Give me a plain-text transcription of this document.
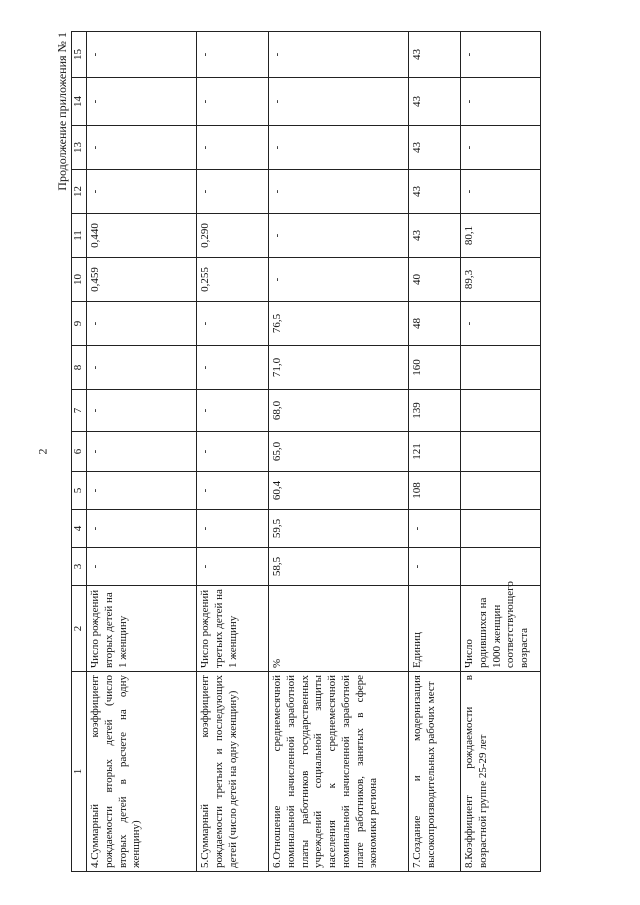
2
Продолжение приложения № 1
1	2	3	4	5	6	7	8	9	10	11	12	13	14	15
4.Суммарный коэффициент рождаемости вторых детей (число вторых детей в расчете на одну женщину)	Число рождений вторых детей на 1 женщину	-	-	-	-	-	-	-	0,459	0,440	-	-	-	-
5.Суммарный коэффициент рождаемости третьих и последующих детей (число детей на одну женщину)	Число рождений третьих детей на 1 женщину	-	-	-	-	-	-	-	0,255	0,290	-	-	-	-
6.Отношение среднемесячной номинальной начисленной заработной платы работников государственных учреждений социальной защиты населения к среднемесячной номинальной начисленной заработной плате работников, занятых в сфере экономики региона	%	58,5	59,5	60,4	65,0	68,0	71,0	76,5	-	-	-	-	-	-
7.Создание и модернизация высокопроизводительных рабочих мест	Единиц	-	-	108	121	139	160	48	40	43	43	43	43	43
8.Коэффициент рождаемости в возрастной группе 25-29 лет	Число родившихся на 1000 женщин соответствующего возраста							-	89,3	80,1	-	-	-	-
